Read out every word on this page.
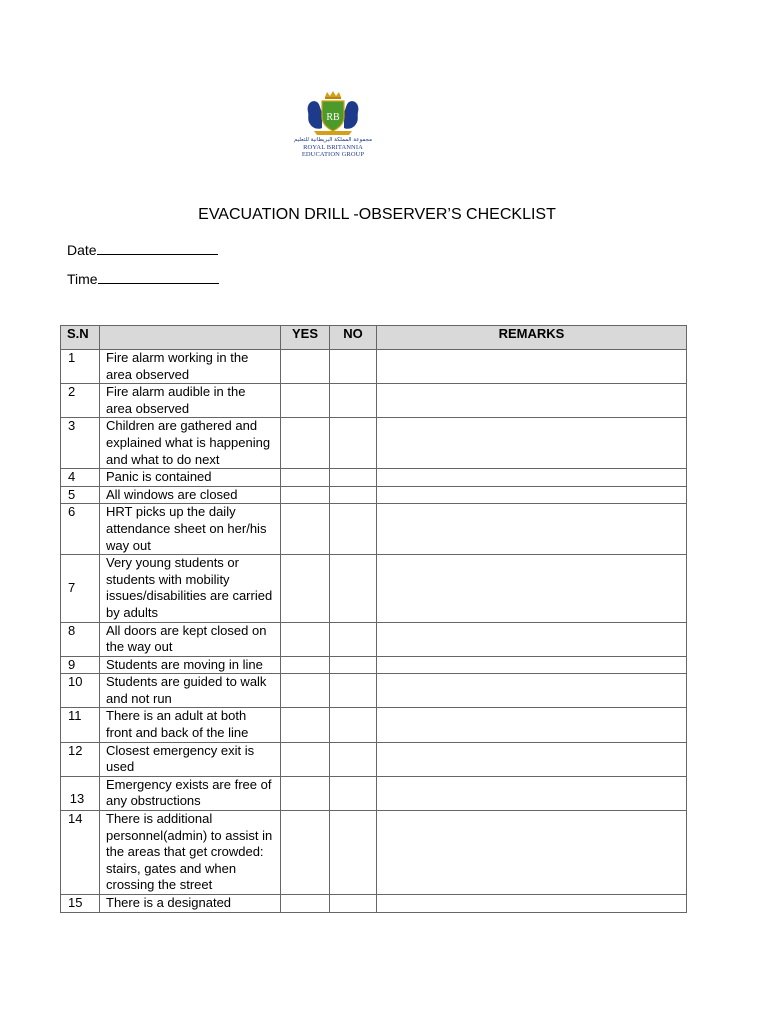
RB
مجموعة المملكة البريطانية للتعليم
ROYAL BRITANNIA
EDUCATION GROUP
EVACUATION DRILL -OBSERVER’S CHECKLIST
Date
Time
S.N		YES	NO	REMARKS
1	Fire alarm working in the area observed			
2	Fire alarm audible in the area observed			
3	Children are gathered and explained what is happening and what to do next			
4	Panic is contained			
5	All windows are closed			
6	HRT picks up the daily attendance sheet on her/his way out			
7	Very young students or students with mobility issues/disabilities are carried by adults			
8	All doors are kept closed on the way out			
9	Students are moving in line			
10	Students are guided to walk and not run			
11	There is an adult at both front and back of the line			
12	Closest emergency exit is used			
13	Emergency exists are free of any obstructions			
14	There is additional personnel(admin) to assist in the areas that get crowded: stairs, gates and when crossing the street			
15	There is a designated			
